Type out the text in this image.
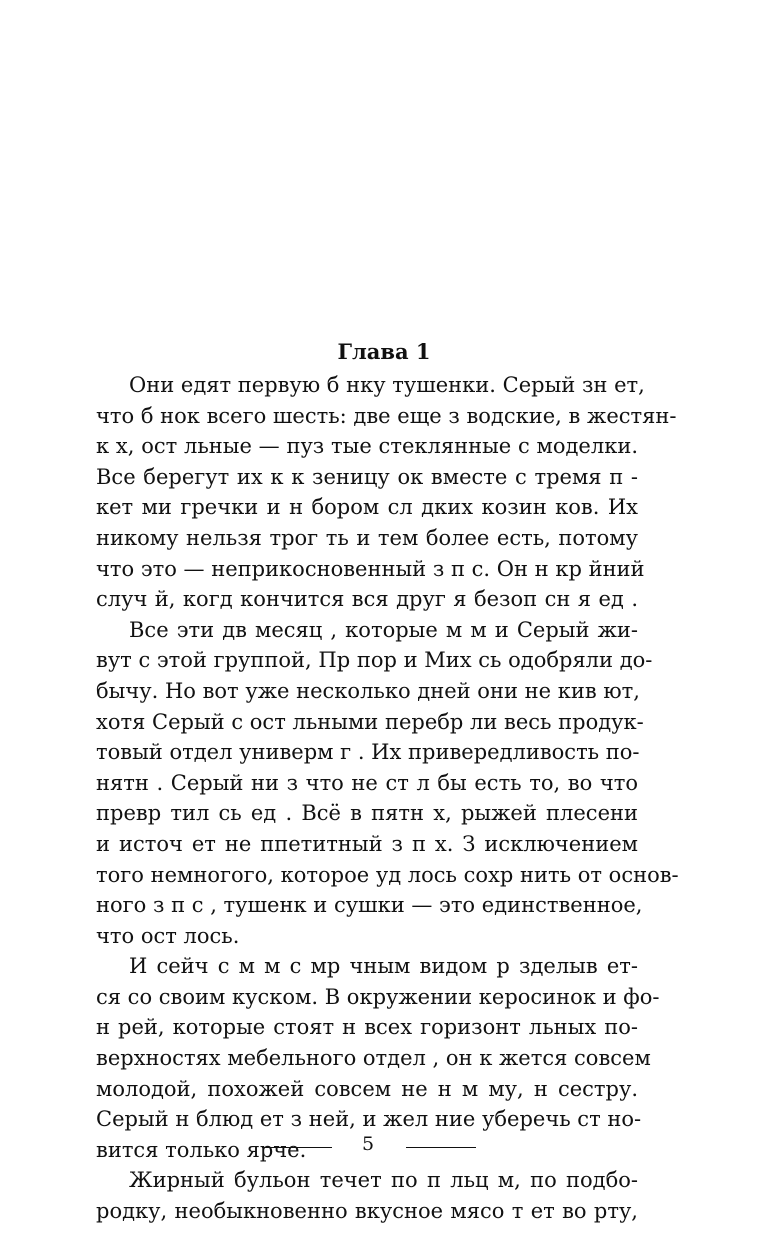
Глава 1
Они едят первую б нку тушенки. Серый зн ет,
что б нок всего шесть: две еще з водские, в жестян-
к х, ост льные — пуз тые стеклянные с моделки.
Все берегут их к к зеницу ок вместе с тремя п -
кет ми гречки и н бором сл дких козин ков. Их
никому нельзя трог ть и тем более есть, потому
что это — неприкосновенный з п с. Он н кр йний
случ й, когд кончится вся друг я безоп сн я ед .
Все эти дв месяц , которые м м и Серый жи-
вут с этой группой, Пр пор и Мих сь одобряли до-
бычу. Но вот уже несколько дней они не кив ют,
хотя Серый с ост льными перебр ли весь продук-
товый отдел универм г . Их привередливость по-
нятн . Серый ни з что не ст л бы есть то, во что
превр тил сь ед . Всё в пятн х, рыжей плесени
и источ ет не ппетитный з п х. З исключением
того немногого, которое уд лось сохр нить от основ-
ного з п с , тушенк и сушки — это единственное,
что ост лось.
И сейч с м м с мр чным видом р зделыв ет-
ся со своим куском. В окружении керосинок и фо-
н рей, которые стоят н всех горизонт льных по-
верхностях мебельного отдел , он к жется совсем
молодой, похожей совсем не н м му, н сестру.
Серый н блюд ет з ней, и жел ние уберечь ст но-
вится только ярче.
Жирный бульон течет по п льц м, по подбо-
родку, необыкновенно вкусное мясо т ет во рту,
5
